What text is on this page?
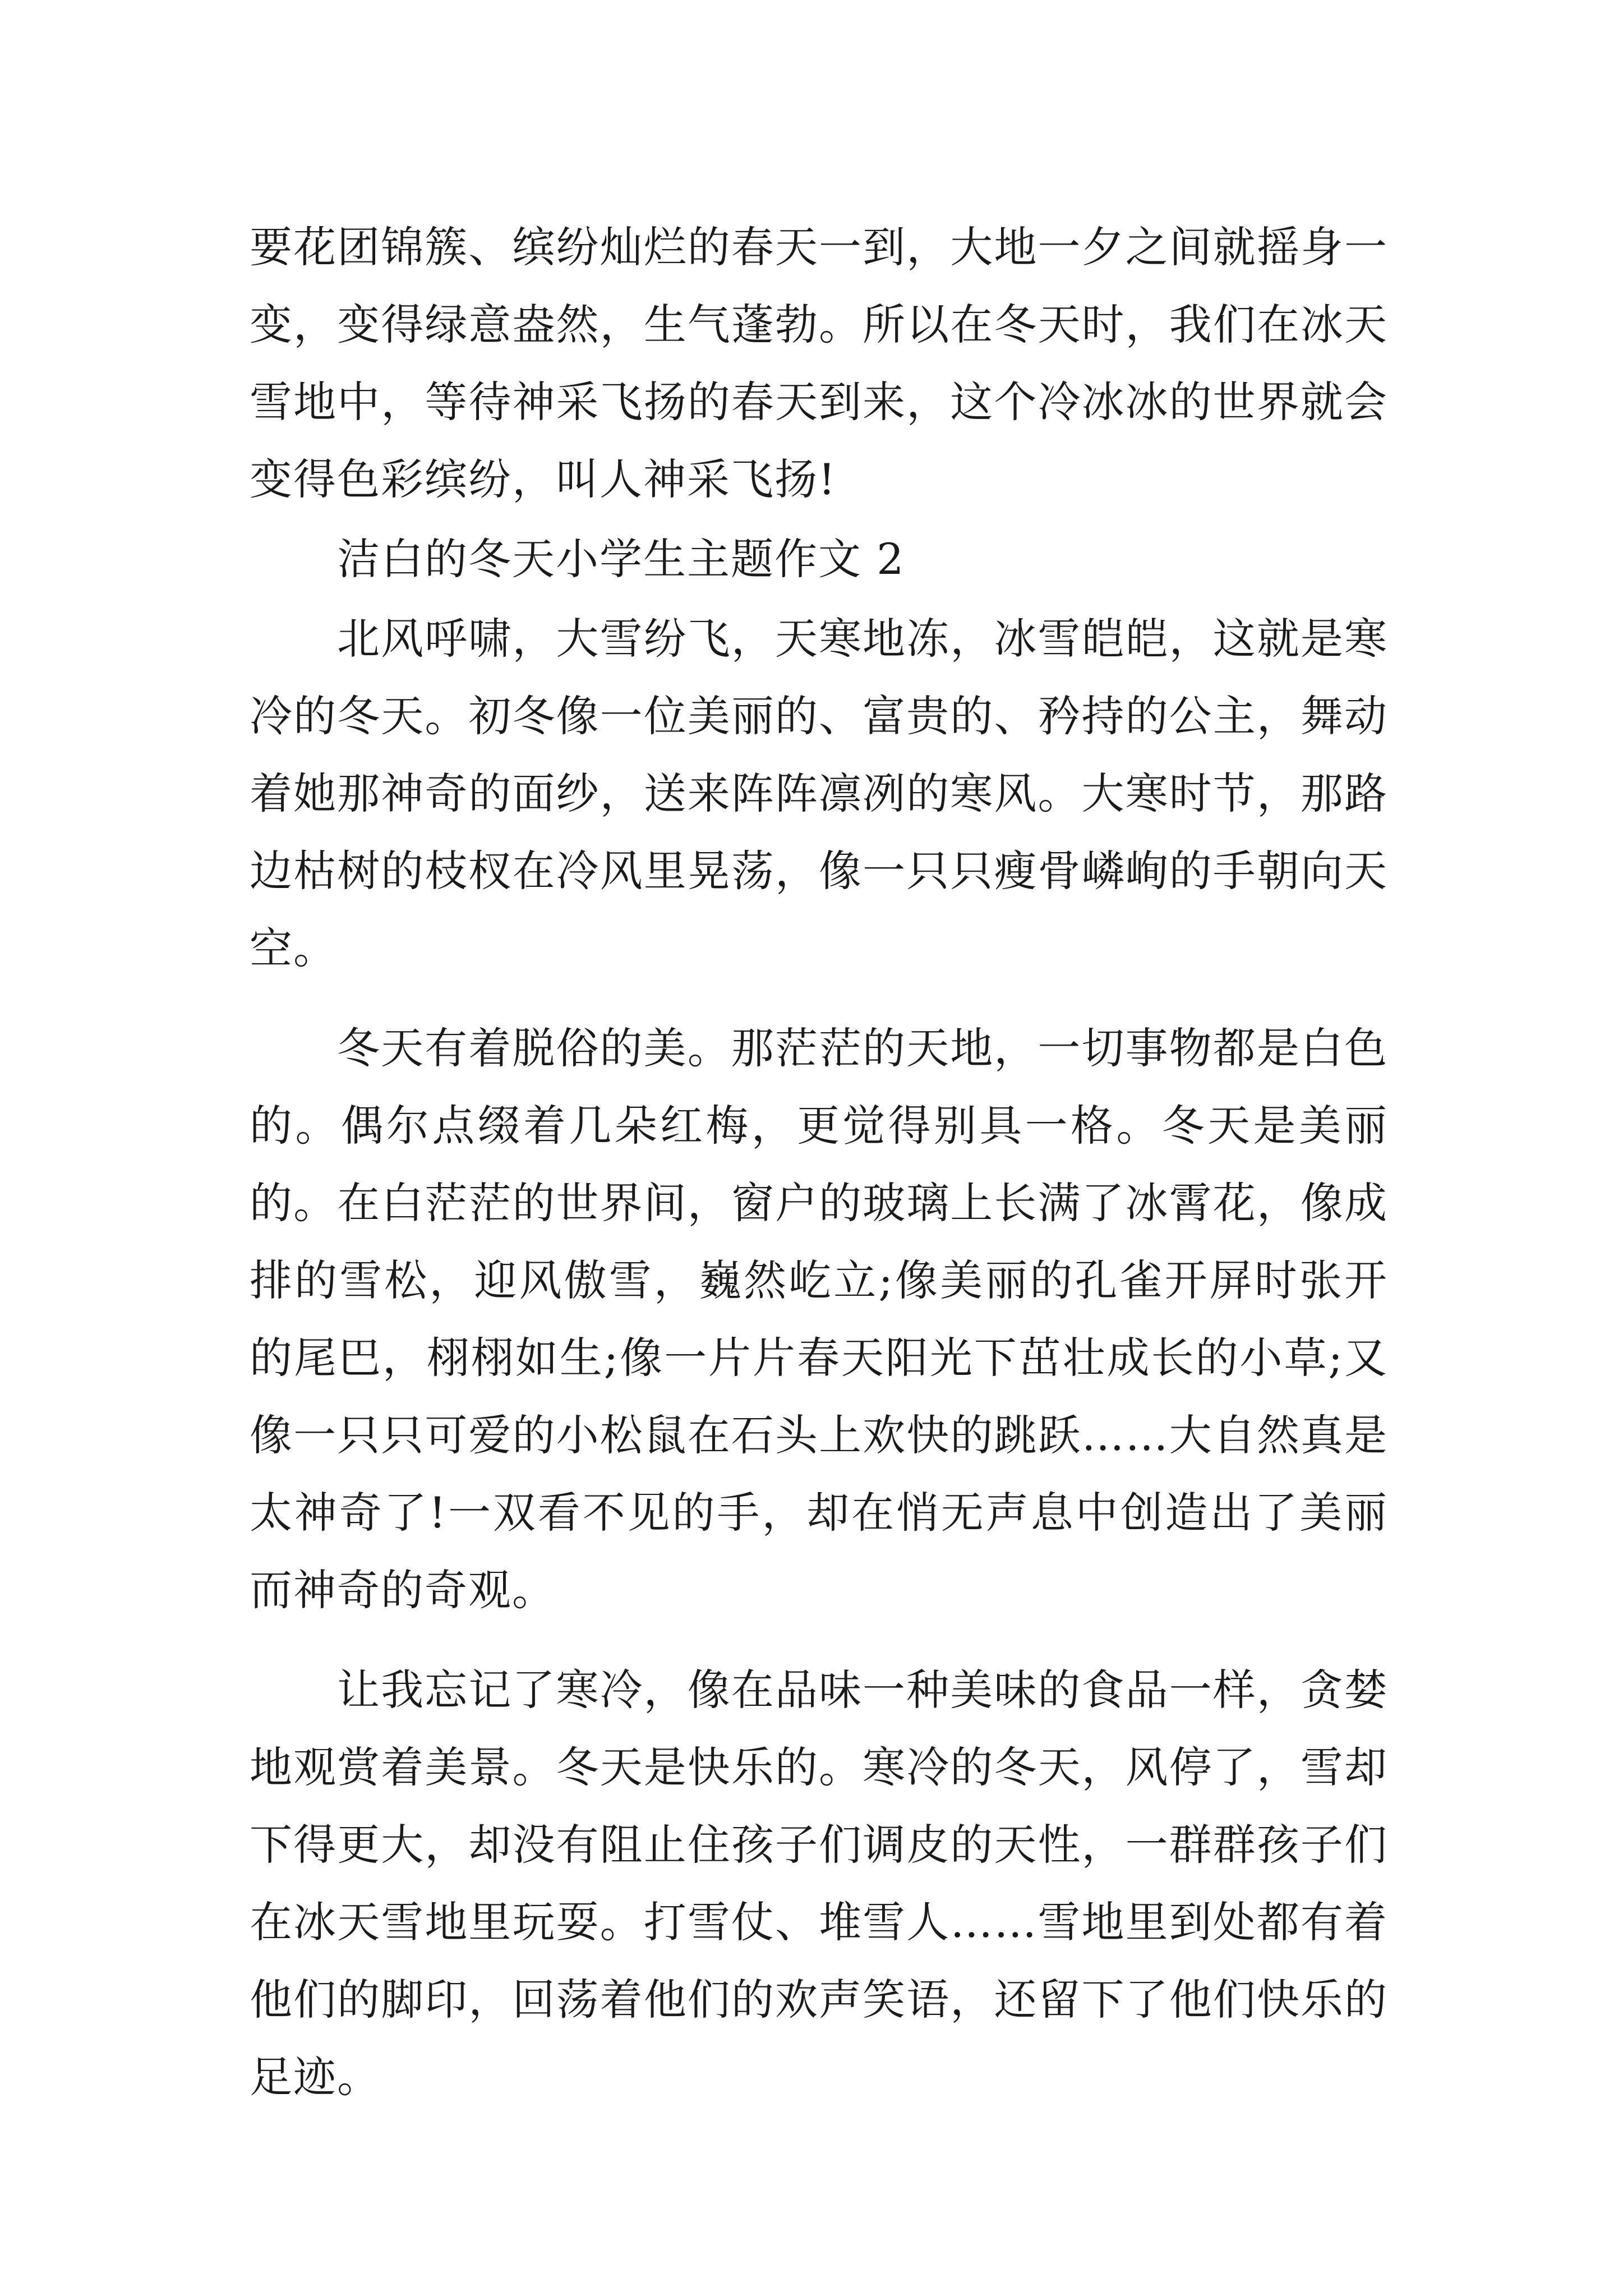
要花团锦簇、缤纷灿烂的春天一到，大地一夕之间就摇身一变，变得绿意盎然，生气蓬勃。所以在冬天时，我们在冰天雪地中，等待神采飞扬的春天到来，这个冷冰冰的世界就会变得色彩缤纷，叫人神采飞扬!

洁白的冬天小学生主题作文 2

北风呼啸，大雪纷飞，天寒地冻，冰雪皑皑，这就是寒冷的冬天。初冬像一位美丽的、富贵的、矜持的公主，舞动着她那神奇的面纱，送来阵阵凛冽的寒风。大寒时节，那路边枯树的枝杈在冷风里晃荡，像一只只瘦骨嶙峋的手朝向天空。

冬天有着脱俗的美。那茫茫的天地，一切事物都是白色的。偶尔点缀着几朵红梅，更觉得别具一格。冬天是美丽的。在白茫茫的世界间，窗户的玻璃上长满了冰霄花，像成排的雪松，迎风傲雪，巍然屹立;像美丽的孔雀开屏时张开的尾巴，栩栩如生;像一片片春天阳光下茁壮成长的小草;又像一只只可爱的小松鼠在石头上欢快的跳跃……大自然真是太神奇了!一双看不见的手，却在悄无声息中创造出了美丽而神奇的奇观。

让我忘记了寒冷，像在品味一种美味的食品一样，贪婪地观赏着美景。冬天是快乐的。寒冷的冬天，风停了，雪却下得更大，却没有阻止住孩子们调皮的天性，一群群孩子们在冰天雪地里玩耍。打雪仗、堆雪人……雪地里到处都有着他们的脚印，回荡着他们的欢声笑语，还留下了他们快乐的足迹。
